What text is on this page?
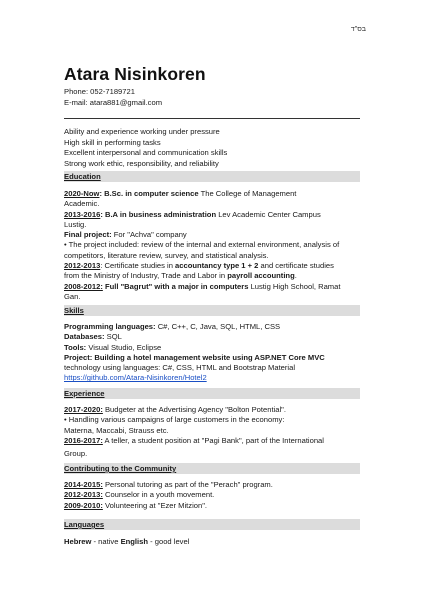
בס"ד
Atara Nisinkoren
Phone: 052-7189721
E-mail: atara881@gmail.com
Ability and experience working under pressure
High skill in performing tasks
Excellent interpersonal and communication skills
Strong work ethic, responsibility, and reliability
Education

2020-Now: B.Sc. in computer science The College of Management

Academic.

2013-2016: B.A in business administration Lev Academic Center Campus

Lustig.

Final project: For "Achva" company

• The project included: review of the internal and external environment, analysis of

competitors, literature review, survey, and statistical analysis.

2012-2013: Certificate studies in accountancy type 1 + 2 and certificate studies

from the Ministry of Industry, Trade and Labor in payroll accounting.

2008-2012: Full "Bagrut" with a major in computers Lustig High School, Ramat

Gan.

Skills

Programming languages: C#, C++, C, Java, SQL, HTML, CSS

Databases: SQL

Tools: Visual Studio, Eclipse

Project: Building a hotel management website using ASP.NET Core MVC

technology using languages: C#, CSS, HTML and Bootstrap Material

https://github.com/Atara-Nisinkoren/Hotel2

Experience

2017-2020: Budgeter at the Advertising Agency "Bolton Potential".

• Handling various campaigns of large customers in the economy:

Materna, Maccabi, Strauss etc.

2016-2017: A teller, a student position at "Pagi Bank", part of the International

Group.

Contributing to the Community

2014-2015: Personal tutoring as part of the "Perach" program.

2012-2013: Counselor in a youth movement.

2009-2010: Volunteering at "Ezer Mitzion".

Languages

Hebrew - native English - good level
